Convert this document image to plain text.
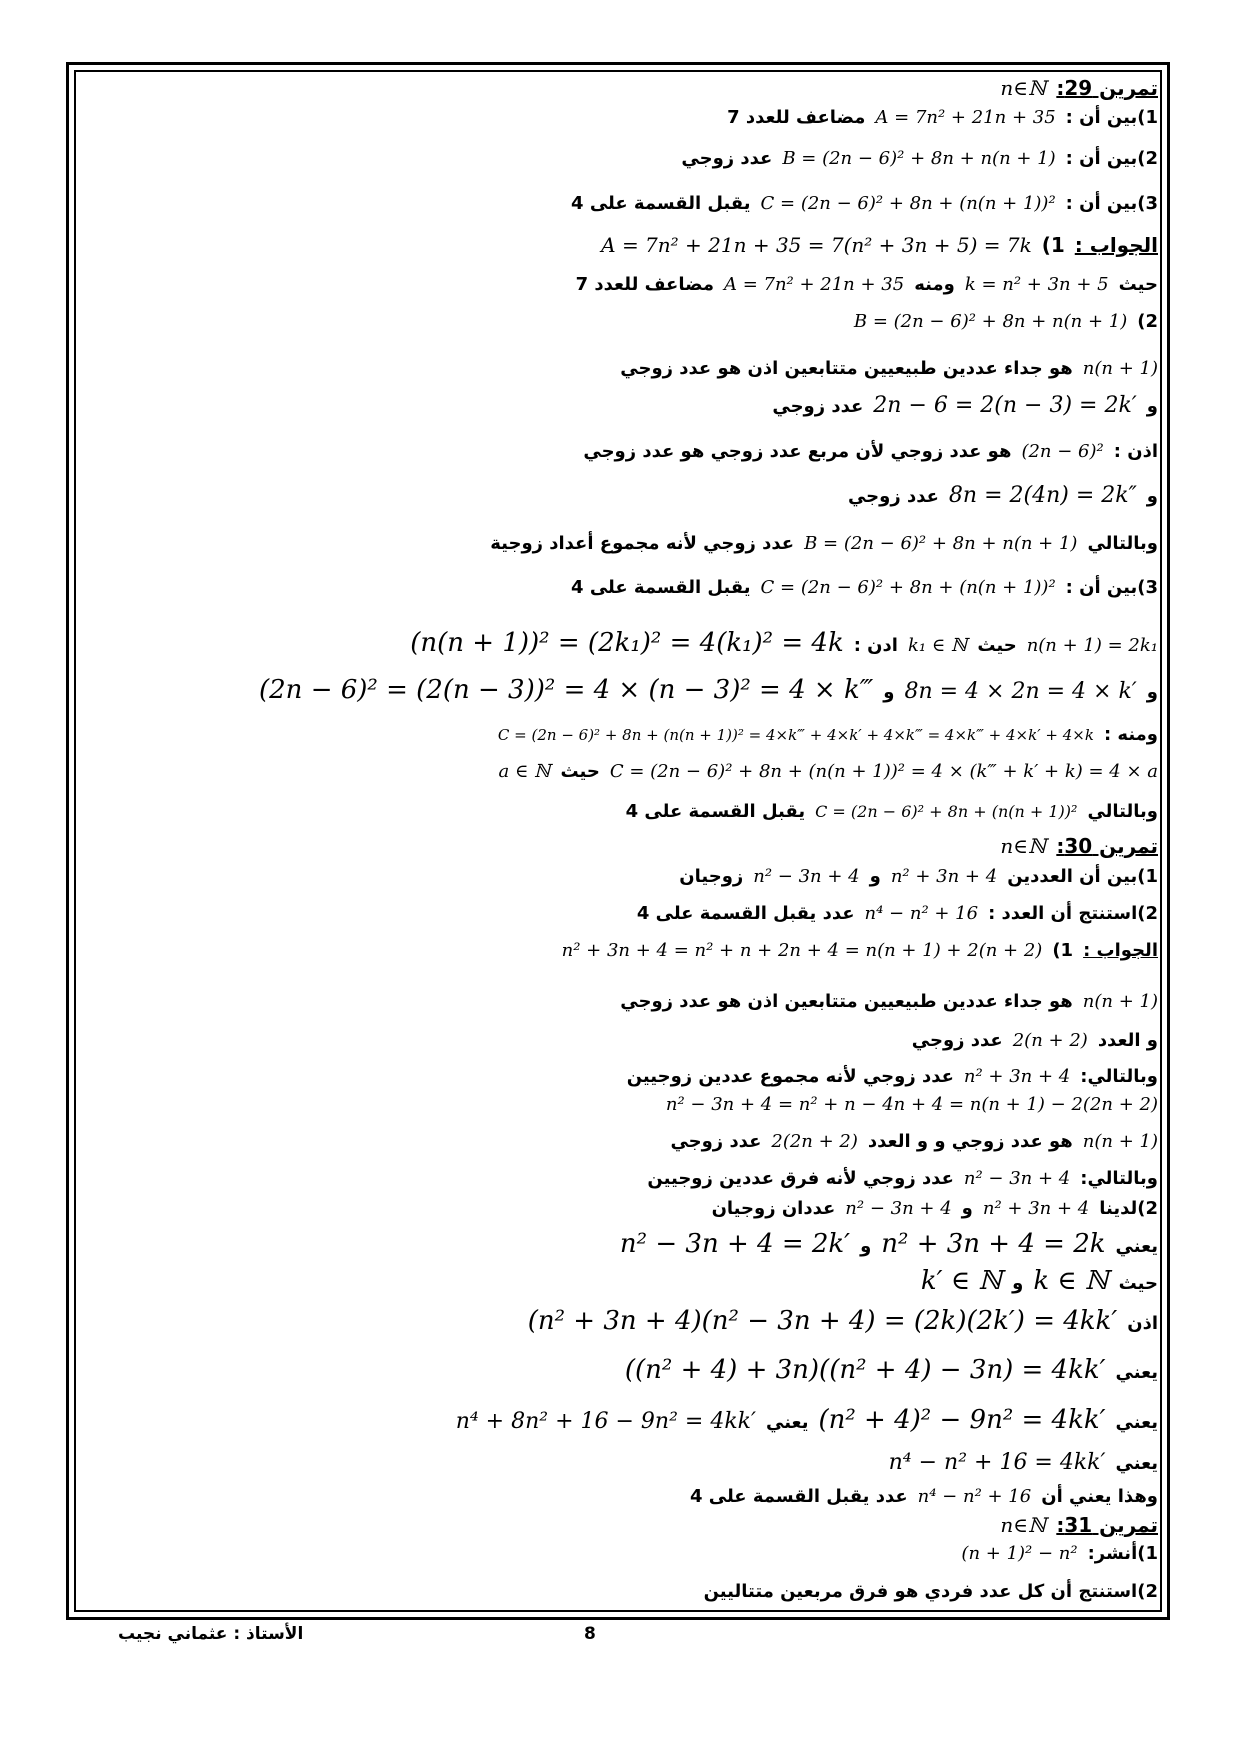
n∈ℕ تمرين 29:
مضاعف للعدد 7 A = 7n² + 21n + 35 1)بين أن :
عدد زوجي B = (2n − 6)² + 8n + n(n + 1) 2)بين أن :
يقبل القسمة على 4 C = (2n − 6)² + 8n + (n(n + 1))² 3)بين أن :
A = 7n² + 21n + 35 = 7(n² + 3n + 5) = 7k 1) الجواب :
مضاعف للعدد 7 A = 7n² + 21n + 35 ومنه k = n² + 3n + 5 حيث
B = (2n − 6)² + 8n + n(n + 1) 2)
هو جداء عددين طبيعيين متتابعين اذن هو عدد زوجي n(n + 1)
عدد زوجي 2n − 6 = 2(n − 3) = 2k′ و
هو عدد زوجي لأن مربع عدد زوجي هو عدد زوجي (2n − 6)² اذن :
عدد زوجي 8n = 2(4n) = 2k″ و
عدد زوجي لأنه مجموع أعداد زوجية B = (2n − 6)² + 8n + n(n + 1) وبالتالي
يقبل القسمة على 4 C = (2n − 6)² + 8n + (n(n + 1))² 3)بين أن :
(n(n + 1))² = (2k₁)² = 4(k₁)² = 4k ادن : k₁ ∈ ℕ حيث n(n + 1) = 2k₁
(2n − 6)² = (2(n − 3))² = 4 × (n − 3)² = 4 × k‴ و 8n = 4 × 2n = 4 × k′ و
C = (2n − 6)² + 8n + (n(n + 1))² = 4×k‴ + 4×k′ + 4×k‴ = 4×k‴ + 4×k′ + 4×k ومنه :
a ∈ ℕ حيث C = (2n − 6)² + 8n + (n(n + 1))² = 4 × (k‴ + k′ + k) = 4 × a
يقبل القسمة على 4 C = (2n − 6)² + 8n + (n(n + 1))² وبالتالي
n∈ℕ تمرين 30:
زوجيان n² − 3n + 4 و n² + 3n + 4 1)بين أن العددين
عدد يقبل القسمة على 4 n⁴ − n² + 16 2)استنتج أن العدد :
n² + 3n + 4 = n² + n + 2n + 4 = n(n + 1) + 2(n + 2) 1) الجواب :
هو جداء عددين طبيعيين متتابعين اذن هو عدد زوجي n(n + 1)
عدد زوجي 2(n + 2) و العدد
عدد زوجي لأنه مجموع عددين زوجيين n² + 3n + 4 وبالتالي:
n² − 3n + 4 = n² + n − 4n + 4 = n(n + 1) − 2(2n + 2)
عدد زوجي 2(2n + 2) هو عدد زوجي و و العدد n(n + 1)
عدد زوجي لأنه فرق عددين زوجيين n² − 3n + 4 وبالتالي:
عددان زوجيان n² − 3n + 4 و n² + 3n + 4 2)لدينا
n² − 3n + 4 = 2k′ و n² + 3n + 4 = 2k يعني
k′ ∈ ℕ و k ∈ ℕ حيث
(n² + 3n + 4)(n² − 3n + 4) = (2k)(2k′) = 4kk′ اذن
((n² + 4) + 3n)((n² + 4) − 3n) = 4kk′ يعني
n⁴ + 8n² + 16 − 9n² = 4kk′ يعني (n² + 4)² − 9n² = 4kk′ يعني
n⁴ − n² + 16 = 4kk′ يعني
عدد يقبل القسمة على 4 n⁴ − n² + 16 وهذا يعني أن
n∈ℕ تمرين 31:
(n + 1)² − n² 1)أنشر:
2)استنتج أن كل عدد فردي هو فرق مربعين متتاليين
الأستاذ : عثماني نجيب	8
